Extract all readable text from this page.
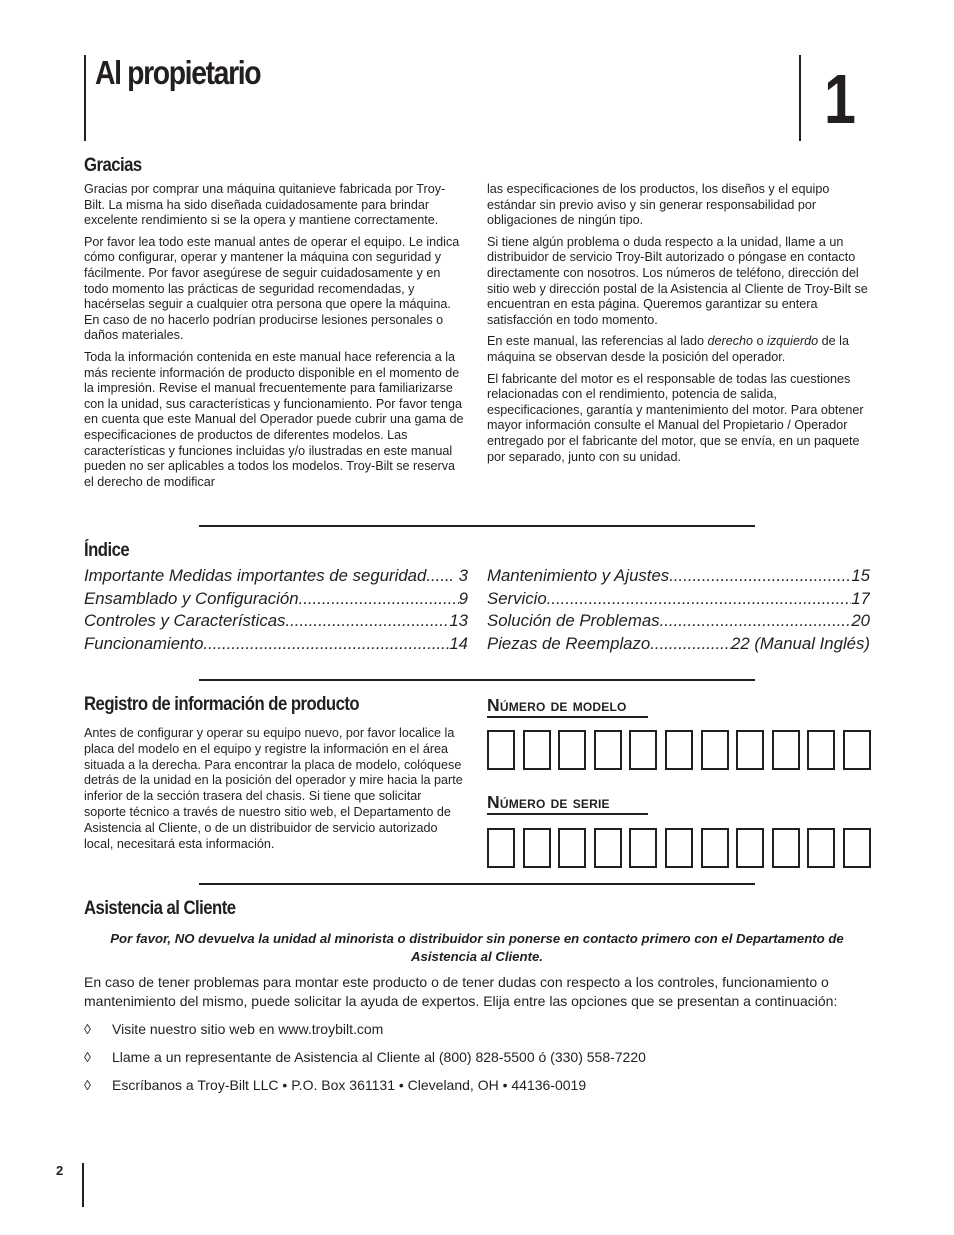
Al propietario	1
Gracias

Gracias por comprar una máquina quitanieve fabricada por Troy-Bilt. La misma ha sido diseñada cuidadosamente para brindar excelente rendimiento si se la opera y mantiene correctamente.

Por favor lea todo este manual antes de operar el equipo. Le indica cómo configurar, operar y mantener la máquina con seguridad y fácilmente. Por favor asegúrese de seguir cuidadosamente y en todo momento las prácticas de seguridad recomendadas, y hacérselas seguir a cualquier otra persona que opere la máquina. En caso de no hacerlo podrían producirse lesiones personales o daños materiales.

Toda la información contenida en este manual hace referencia a la más reciente información de producto disponible en el momento de la impresión. Revise el manual frecuentemente para familiarizarse con la unidad, sus características y funcionamiento. Por favor tenga en cuenta que este Manual del Operador puede cubrir una gama de especificaciones de productos de diferentes modelos. Las características y funciones incluidas y/o ilustradas en este manual pueden no ser aplicables a todos los modelos. Troy-Bilt se reserva el derecho de modificar

las especificaciones de los productos, los diseños y el equipo estándar sin previo aviso y sin generar responsabilidad por obligaciones de ningún tipo.

Si tiene algún problema o duda respecto a la unidad, llame a un distribuidor de servicio Troy-Bilt autorizado o póngase en contacto directamente con nosotros. Los números de teléfono, dirección del sitio web y dirección postal de la Asistencia al Cliente de Troy-Bilt se encuentran en esta página. Queremos garantizar su entera satisfacción en todo momento.

En este manual, las referencias al lado derecho o izquierdo de la máquina se observan desde la posición del operador.

El fabricante del motor es el responsable de todas las cuestiones relacionadas con el rendimiento, potencia de salida, especificaciones, garantía y mantenimiento del motor. Para obtener mayor información consulte el Manual del Propietario / Operador entregado por el fabricante del motor, que se envía, en un paquete por separado, junto con su unidad.

Índice
Importante Medidas importantes de seguridad ..... . 3
Ensamblado y Configuración .....	9
Controles y Características .....	13
Funcionamiento .....	14
Mantenimiento y Ajustes .....	15
Servicio .....	17
Solución de Problemas .....	20
Piezas de Reemplazo .....	22 (Manual Inglés)
Registro de información de producto
Antes de configurar y operar su equipo nuevo, por favor localice la placa del modelo en el equipo y registre la información en el área situada a la derecha. Para encontrar la placa de modelo, colóquese detrás de la unidad en la posición del operador y mire hacia la parte inferior de la sección trasera del chasis. Si tiene que solicitar soporte técnico a través de nuestro sitio web, el Departamento de Asistencia al Cliente, o de un distribuidor de servicio autorizado local, necesitará esta información.
Número de modelo
Número de serie
Asistencia al Cliente
Por favor, NO devuelva la unidad al minorista o distribuidor sin ponerse en contacto primero con el Departamento de Asistencia al Cliente.
En caso de tener problemas para montar este producto o de tener dudas con respecto a los controles, funcionamiento o mantenimiento del mismo, puede solicitar la ayuda de expertos. Elija entre las opciones que se presentan a continuación:
◊ Visite nuestro sitio web en www.troybilt.com
◊ Llame a un representante de Asistencia al Cliente al (800) 828-5500 ó (330) 558-7220
◊ Escríbanos a Troy-Bilt LLC • P.O. Box 361131 • Cleveland, OH • 44136-0019
2
